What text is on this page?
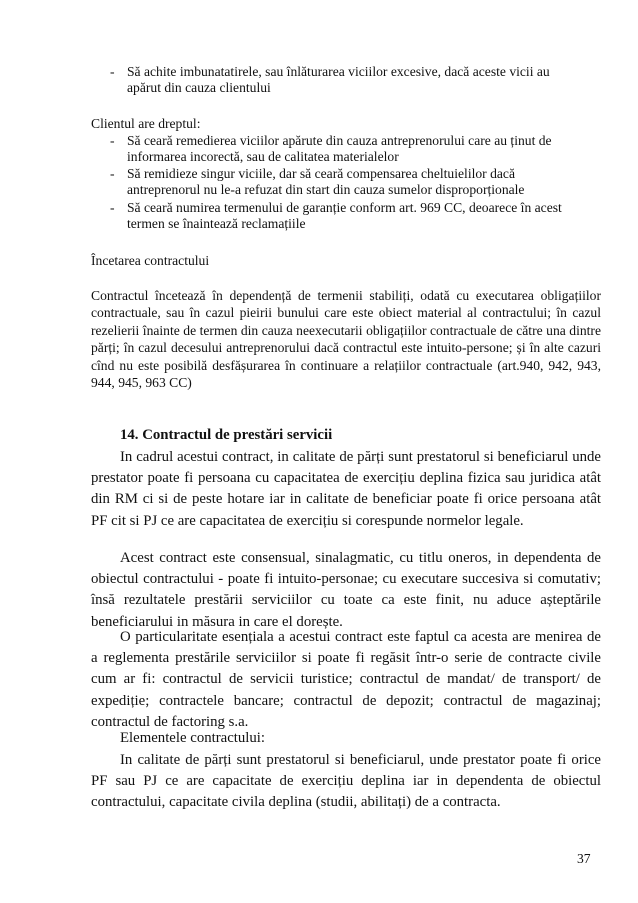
- Să achite imbunatatirele, sau înlăturarea viciilor excesive, dacă aceste vicii au apărut din cauza clientului
Clientul are dreptul:
- Să ceară remedierea viciilor apărute din cauza antreprenorului care au ținut de informarea incorectă, sau de calitatea materialelor
- Să remidieze singur viciile, dar să ceară compensarea cheltuielilor dacă antreprenorul nu le-a refuzat din start din cauza sumelor disproporționale
- Să ceară numirea termenului de garanție conform art. 969 CC, deoarece în acest termen se înaintează reclamațiile
Încetarea contractului
Contractul încetează în dependență de termenii stabiliți, odată cu executarea obligațiilor contractuale, sau în cazul pieirii bunului care este obiect material al contractului; în cazul rezelierii înainte de termen din cauza neexecutarii obligațiilor contractuale de către una dintre părți; în cazul decesului antreprenorului dacă contractul este intuito-persone; și în alte cazuri cînd nu este posibilă desfășurarea în continuare a relațiilor contractuale (art.940, 942, 943, 944, 945, 963 CC)
14. Contractul de prestări servicii
In cadrul acestui contract, in calitate de părți sunt prestatorul si beneficiarul unde prestator poate fi persoana cu capacitatea de exercițiu deplina fizica sau juridica atât din RM ci si de peste hotare iar in calitate de beneficiar poate fi orice persoana atât PF cit si PJ ce are capacitatea de exercițiu si corespunde normelor legale.
Acest contract este consensual, sinalagmatic, cu titlu oneros, in dependenta de obiectul contractului - poate fi intuito-personae; cu executare succesiva si comutativ; însă rezultatele prestării serviciilor cu toate ca este finit, nu aduce așteptările beneficiarului in măsura in care el dorește.
O particularitate esențiala a acestui contract este faptul ca acesta are menirea de a reglementa prestările serviciilor si poate fi regăsit într-o serie de contracte civile cum ar fi: contractul de servicii turistice; contractul de mandat/ de transport/ de expediție; contractele bancare; contractul de depozit; contractul de magazinaj; contractul de factoring s.a.
Elementele contractului:
In calitate de părți sunt prestatorul si beneficiarul, unde prestator poate fi orice PF sau PJ ce are capacitate de exercițiu deplina iar in dependenta de obiectul contractului, capacitate civila deplina (studii, abilitați) de a contracta.
37
